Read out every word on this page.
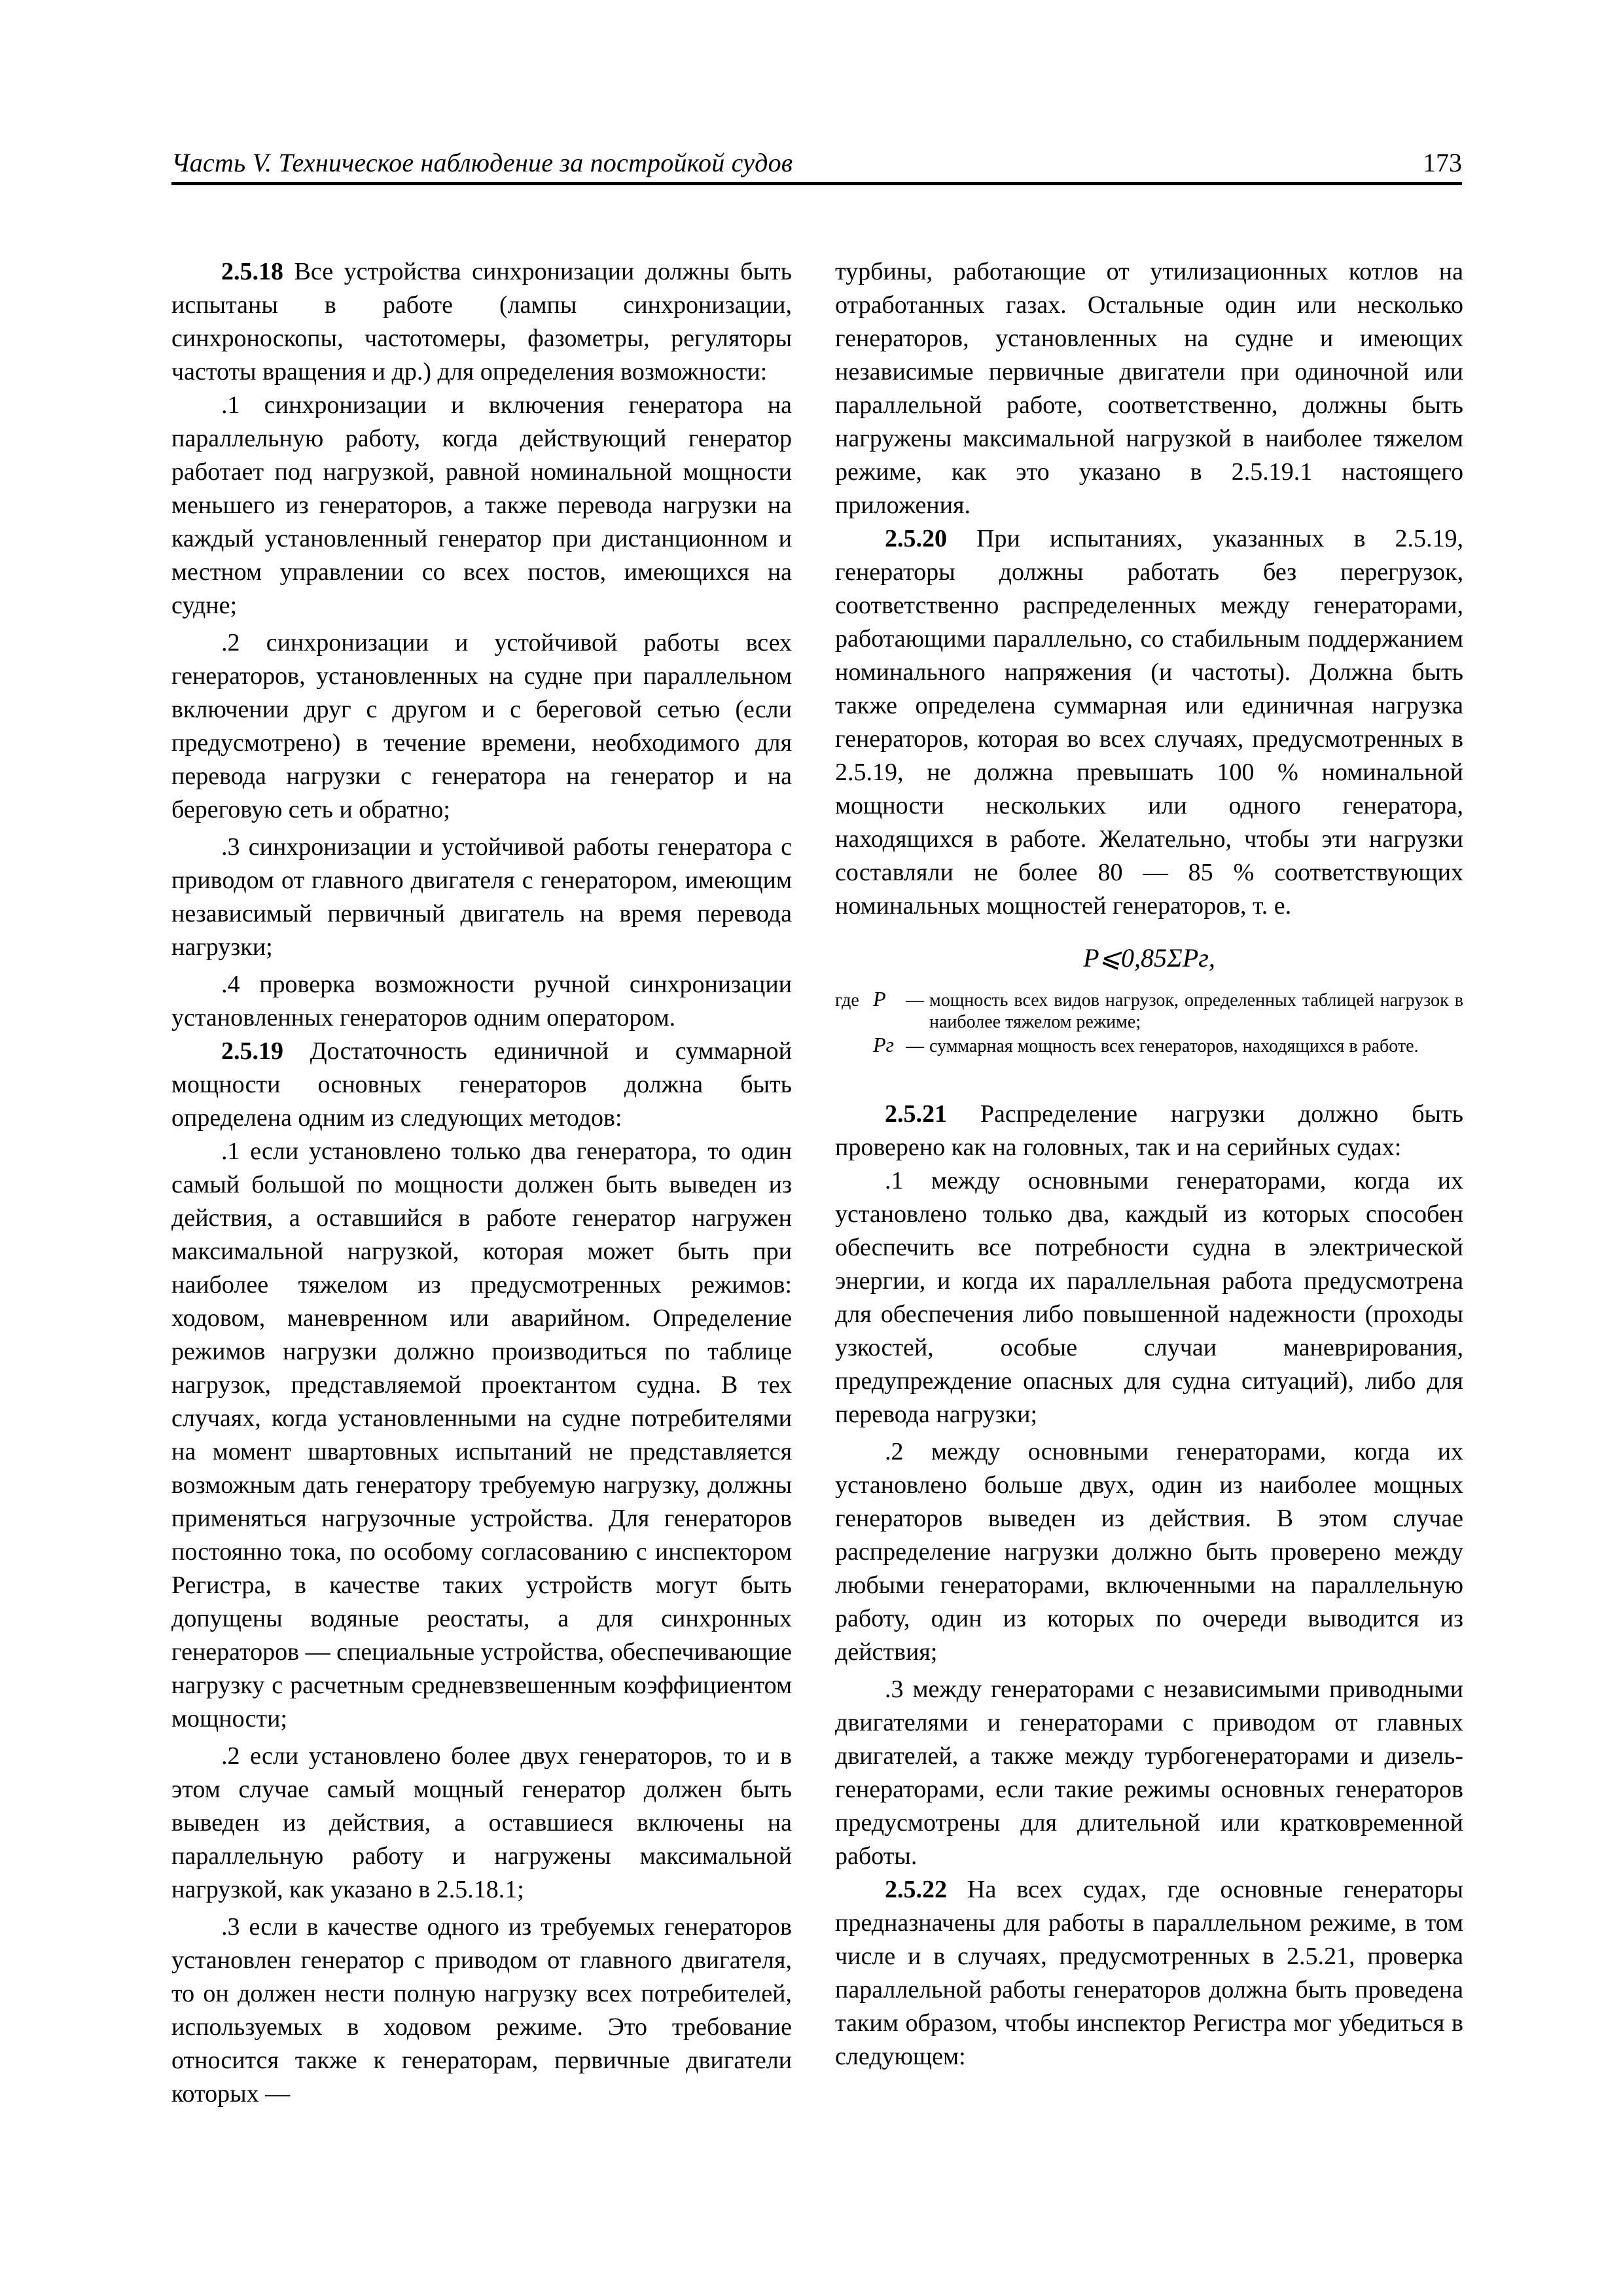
Часть V. Техническое наблюдение за постройкой судов	173

2.5.18 Все устройства синхронизации должны быть испытаны в работе (лампы синхронизации, синхроноскопы, частотомеры, фазометры, регуляторы частоты вращения и др.) для определения возможности:

.1 синхронизации и включения генератора на параллельную работу, когда действующий генератор работает под нагрузкой, равной номинальной мощности меньшего из генераторов, а также перевода нагрузки на каждый установленный генератор при дистанционном и местном управлении со всех постов, имеющихся на судне;

.2 синхронизации и устойчивой работы всех генераторов, установленных на судне при параллельном включении друг с другом и с береговой сетью (если предусмотрено) в течение времени, необходимого для перевода нагрузки с генератора на генератор и на береговую сеть и обратно;

.3 синхронизации и устойчивой работы генератора с приводом от главного двигателя с генератором, имеющим независимый первичный двигатель на время перевода нагрузки;

.4 проверка возможности ручной синхронизации установленных генераторов одним оператором.

2.5.19 Достаточность единичной и суммарной мощности основных генераторов должна быть определена одним из следующих методов:

.1 если установлено только два генератора, то один самый большой по мощности должен быть выведен из действия, а оставшийся в работе генератор нагружен максимальной нагрузкой, которая может быть при наиболее тяжелом из предусмотренных режимов: ходовом, маневренном или аварийном. Определение режимов нагрузки должно производиться по таблице нагрузок, представляемой проектантом судна. В тех случаях, когда установленными на судне потребителями на момент швартовных испытаний не представляется возможным дать генератору требуемую нагрузку, должны применяться нагрузочные устройства. Для генераторов постоянно тока, по особому согласованию с инспектором Регистра, в качестве таких устройств могут быть допущены водяные реостаты, а для синхронных генераторов — специальные устройства, обеспечивающие нагрузку с расчетным средневзвешенным коэффициентом мощности;

.2 если установлено более двух генераторов, то и в этом случае самый мощный генератор должен быть выведен из действия, а оставшиеся включены на параллельную работу и нагружены максимальной нагрузкой, как указано в 2.5.18.1;

.3 если в качестве одного из требуемых генераторов установлен генератор с приводом от главного двигателя, то он должен нести полную нагрузку всех потребителей, используемых в ходовом режиме. Это требование относится также к генераторам, первичные двигатели которых —

турбины, работающие от утилизационных котлов на отработанных газах. Остальные один или несколько генераторов, установленных на судне и имеющих независимые первичные двигатели при одиночной или параллельной работе, соответственно, должны быть нагружены максимальной нагрузкой в наиболее тяжелом режиме, как это указано в 2.5.19.1 настоящего приложения.

2.5.20 При испытаниях, указанных в 2.5.19, генераторы должны работать без перегрузок, соответственно распределенных между генераторами, работающими параллельно, со стабильным поддержанием номинального напряжения (и частоты). Должна быть также определена суммарная или единичная нагрузка генераторов, которая во всех случаях, предусмотренных в 2.5.19, не должна превышать 100 % номинальной мощности нескольких или одного генератора, находящихся в работе. Желательно, чтобы эти нагрузки составляли не более 80 — 85 % соответствующих номинальных мощностей генераторов, т. е.

P⩽0,85ΣPг,
где P	— мощность всех видов нагрузок, определенных таблицей нагрузок в наиболее тяжелом режиме;
Pг — суммарная мощность всех генераторов, находящихся в работе.

2.5.21 Распределение нагрузки должно быть проверено как на головных, так и на серийных судах:

.1 между основными генераторами, когда их установлено только два, каждый из которых способен обеспечить все потребности судна в электрической энергии, и когда их параллельная работа предусмотрена для обеспечения либо повышенной надежности (проходы узкостей, особые случаи маневрирования, предупреждение опасных для судна ситуаций), либо для перевода нагрузки;

.2 между основными генераторами, когда их установлено больше двух, один из наиболее мощных генераторов выведен из действия. В этом случае распределение нагрузки должно быть проверено между любыми генераторами, включенными на параллельную работу, один из которых по очереди выводится из действия;

.3 между генераторами с независимыми приводными двигателями и генераторами с приводом от главных двигателей, а также между турбогенераторами и дизель-генераторами, если такие режимы основных генераторов предусмотрены для длительной или кратковременной работы.

2.5.22 На всех судах, где основные генераторы предназначены для работы в параллельном режиме, в том числе и в случаях, предусмотренных в 2.5.21, проверка параллельной работы генераторов должна быть проведена таким образом, чтобы инспектор Регистра мог убедиться в следующем:
